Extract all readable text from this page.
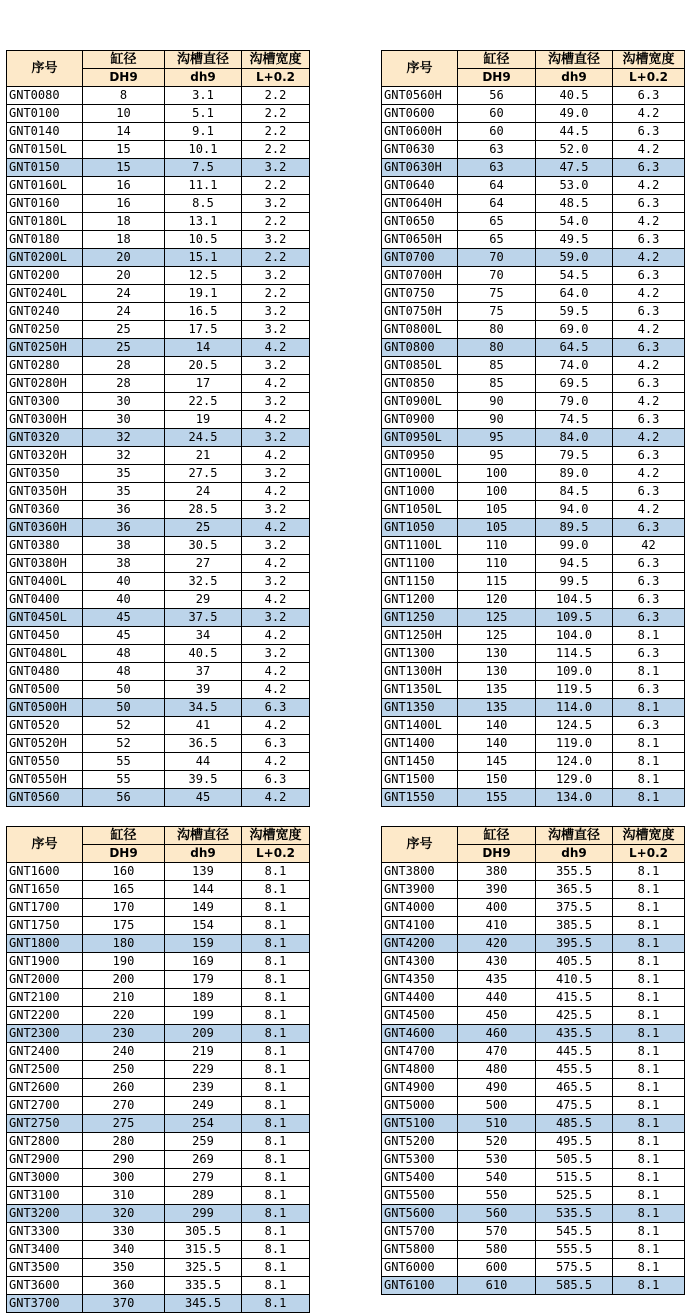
序号	缸径	沟槽直径	沟槽宽度
	DH9	dh9	L+0.2
GNT0080	8	3.1	2.2
GNT0100	10	5.1	2.2
GNT0140	14	9.1	2.2
GNT0150L	15	10.1	2.2
GNT0150	15	7.5	3.2
GNT0160L	16	11.1	2.2
GNT0160	16	8.5	3.2
GNT0180L	18	13.1	2.2
GNT0180	18	10.5	3.2
GNT0200L	20	15.1	2.2
GNT0200	20	12.5	3.2
GNT0240L	24	19.1	2.2
GNT0240	24	16.5	3.2
GNT0250	25	17.5	3.2
GNT0250H	25	14	4.2
GNT0280	28	20.5	3.2
GNT0280H	28	17	4.2
GNT0300	30	22.5	3.2
GNT0300H	30	19	4.2
GNT0320	32	24.5	3.2
GNT0320H	32	21	4.2
GNT0350	35	27.5	3.2
GNT0350H	35	24	4.2
GNT0360	36	28.5	3.2
GNT0360H	36	25	4.2
GNT0380	38	30.5	3.2
GNT0380H	38	27	4.2
GNT0400L	40	32.5	3.2
GNT0400	40	29	4.2
GNT0450L	45	37.5	3.2
GNT0450	45	34	4.2
GNT0480L	48	40.5	3.2
GNT0480	48	37	4.2
GNT0500	50	39	4.2
GNT0500H	50	34.5	6.3
GNT0520	52	41	4.2
GNT0520H	52	36.5	6.3
GNT0550	55	44	4.2
GNT0550H	55	39.5	6.3
GNT0560	56	45	4.2
序号	缸径	沟槽直径	沟槽宽度
	DH9	dh9	L+0.2
GNT0560H	56	40.5	6.3
GNT0600	60	49.0	4.2
GNT0600H	60	44.5	6.3
GNT0630	63	52.0	4.2
GNT0630H	63	47.5	6.3
GNT0640	64	53.0	4.2
GNT0640H	64	48.5	6.3
GNT0650	65	54.0	4.2
GNT0650H	65	49.5	6.3
GNT0700	70	59.0	4.2
GNT0700H	70	54.5	6.3
GNT0750	75	64.0	4.2
GNT0750H	75	59.5	6.3
GNT0800L	80	69.0	4.2
GNT0800	80	64.5	6.3
GNT0850L	85	74.0	4.2
GNT0850	85	69.5	6.3
GNT0900L	90	79.0	4.2
GNT0900	90	74.5	6.3
GNT0950L	95	84.0	4.2
GNT0950	95	79.5	6.3
GNT1000L	100	89.0	4.2
GNT1000	100	84.5	6.3
GNT1050L	105	94.0	4.2
GNT1050	105	89.5	6.3
GNT1100L	110	99.0	42
GNT1100	110	94.5	6.3
GNT1150	115	99.5	6.3
GNT1200	120	104.5	6.3
GNT1250	125	109.5	6.3
GNT1250H	125	104.0	8.1
GNT1300	130	114.5	6.3
GNT1300H	130	109.0	8.1
GNT1350L	135	119.5	6.3
GNT1350	135	114.0	8.1
GNT1400L	140	124.5	6.3
GNT1400	140	119.0	8.1
GNT1450	145	124.0	8.1
GNT1500	150	129.0	8.1
GNT1550	155	134.0	8.1
序号	缸径	沟槽直径	沟槽宽度
	DH9	dh9	L+0.2
GNT1600	160	139	8.1
GNT1650	165	144	8.1
GNT1700	170	149	8.1
GNT1750	175	154	8.1
GNT1800	180	159	8.1
GNT1900	190	169	8.1
GNT2000	200	179	8.1
GNT2100	210	189	8.1
GNT2200	220	199	8.1
GNT2300	230	209	8.1
GNT2400	240	219	8.1
GNT2500	250	229	8.1
GNT2600	260	239	8.1
GNT2700	270	249	8.1
GNT2750	275	254	8.1
GNT2800	280	259	8.1
GNT2900	290	269	8.1
GNT3000	300	279	8.1
GNT3100	310	289	8.1
GNT3200	320	299	8.1
GNT3300	330	305.5	8.1
GNT3400	340	315.5	8.1
GNT3500	350	325.5	8.1
GNT3600	360	335.5	8.1
GNT3700	370	345.5	8.1
序号	缸径	沟槽直径	沟槽宽度
	DH9	dh9	L+0.2
GNT3800	380	355.5	8.1
GNT3900	390	365.5	8.1
GNT4000	400	375.5	8.1
GNT4100	410	385.5	8.1
GNT4200	420	395.5	8.1
GNT4300	430	405.5	8.1
GNT4350	435	410.5	8.1
GNT4400	440	415.5	8.1
GNT4500	450	425.5	8.1
GNT4600	460	435.5	8.1
GNT4700	470	445.5	8.1
GNT4800	480	455.5	8.1
GNT4900	490	465.5	8.1
GNT5000	500	475.5	8.1
GNT5100	510	485.5	8.1
GNT5200	520	495.5	8.1
GNT5300	530	505.5	8.1
GNT5400	540	515.5	8.1
GNT5500	550	525.5	8.1
GNT5600	560	535.5	8.1
GNT5700	570	545.5	8.1
GNT5800	580	555.5	8.1
GNT6000	600	575.5	8.1
GNT6100	610	585.5	8.1
